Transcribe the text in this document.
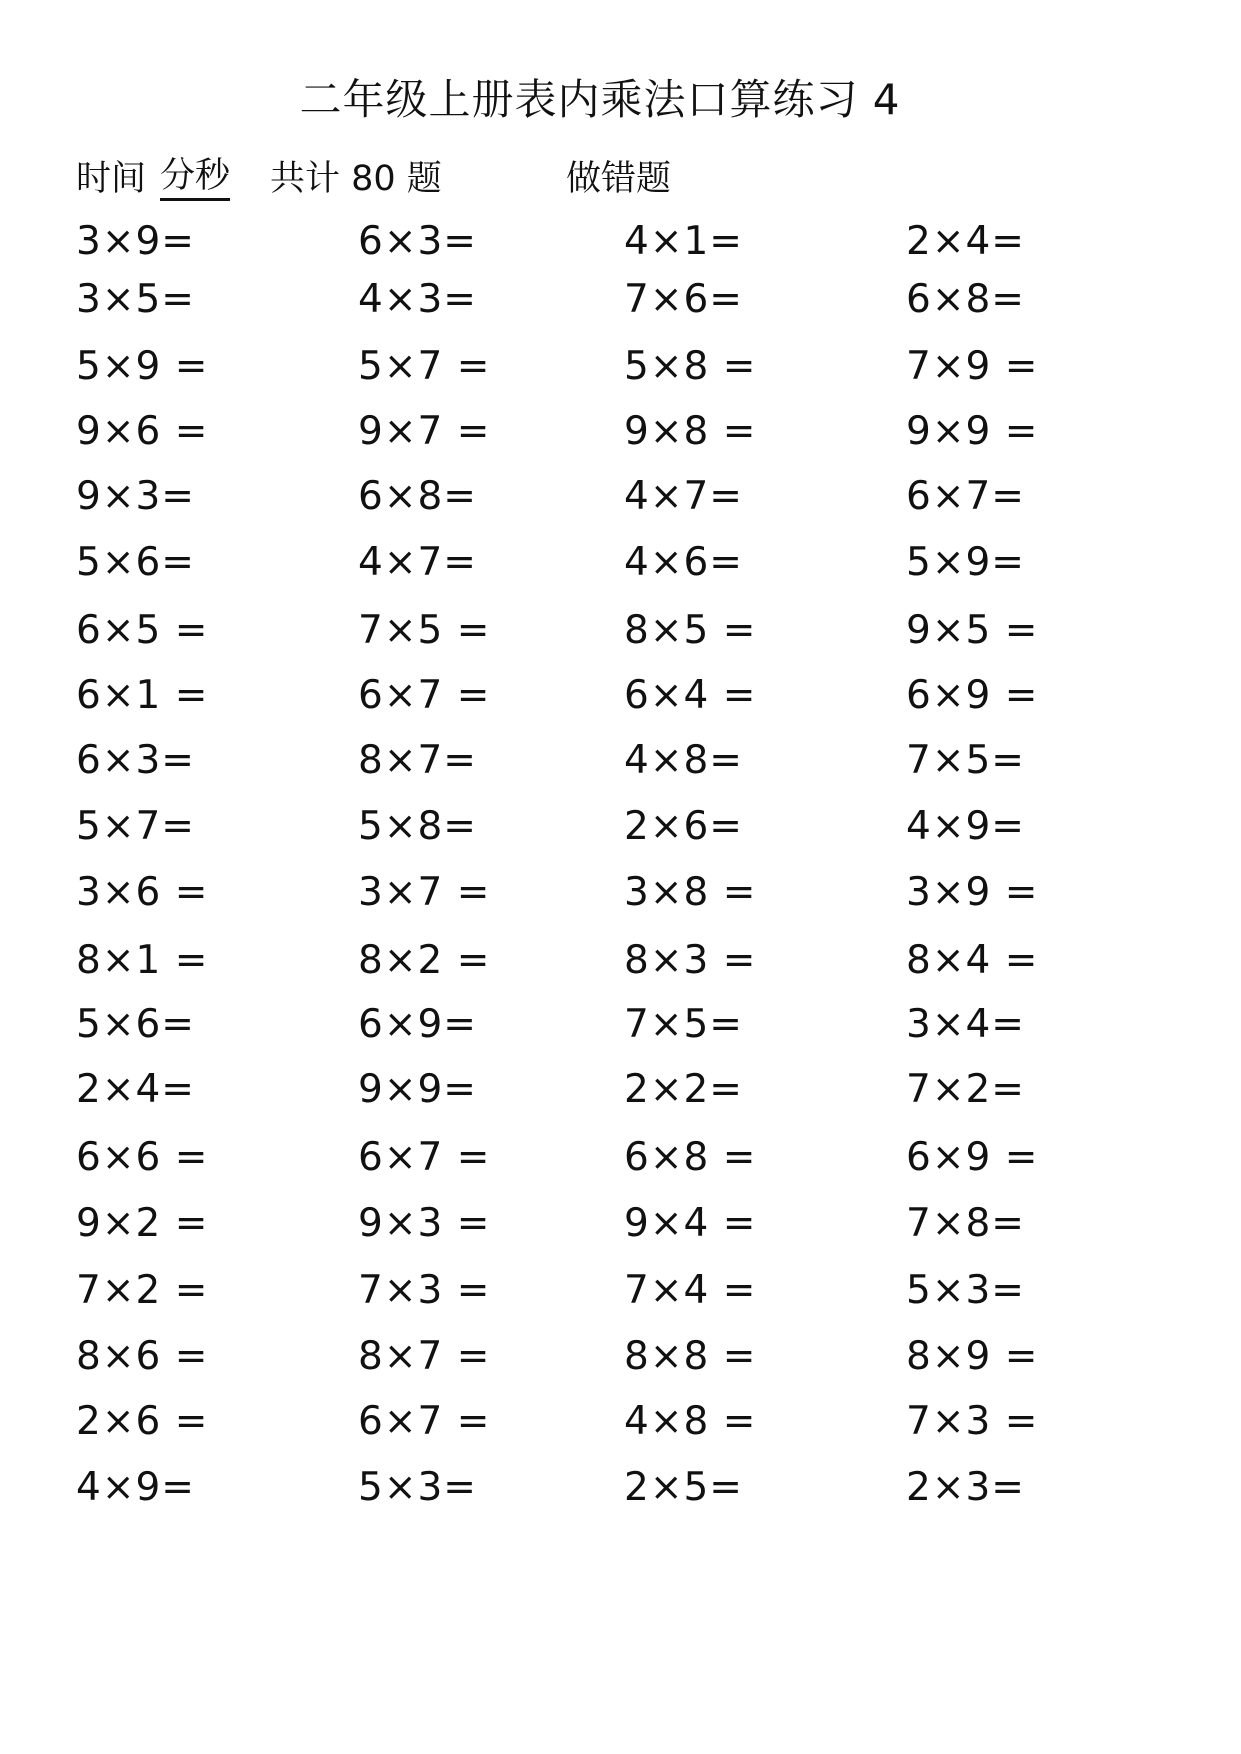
二年级上册表内乘法口算练习 4
时间 分秒 共计 80 题	做错题
3×9=	6×3=	4×1=	2×4=
3×5=	4×3=	7×6=	6×8=
5×9 =	5×7 =	5×8 =	7×9 =
9×6 =	9×7 =	9×8 =	9×9 =
9×3=	6×8=	4×7=	6×7=
5×6=	4×7=	4×6=	5×9=
6×5 =	7×5 =	8×5 =	9×5 =
6×1 =	6×7 =	6×4 =	6×9 =
6×3=	8×7=	4×8=	7×5=
5×7=	5×8=	2×6=	4×9=
3×6 =	3×7 =	3×8 =	3×9 =
8×1 =	8×2 =	8×3 =	8×4 =
5×6=	6×9=	7×5=	3×4=
2×4=	9×9=	2×2=	7×2=
6×6 =	6×7 =	6×8 =	6×9 =
9×2 =	9×3 =	9×4 =	7×8=
7×2 =	7×3 =	7×4 =	5×3=
8×6 =	8×7 =	8×8 =	8×9 =
2×6 =	6×7 =	4×8 =	7×3 =
4×9=	5×3=	2×5=	2×3=
